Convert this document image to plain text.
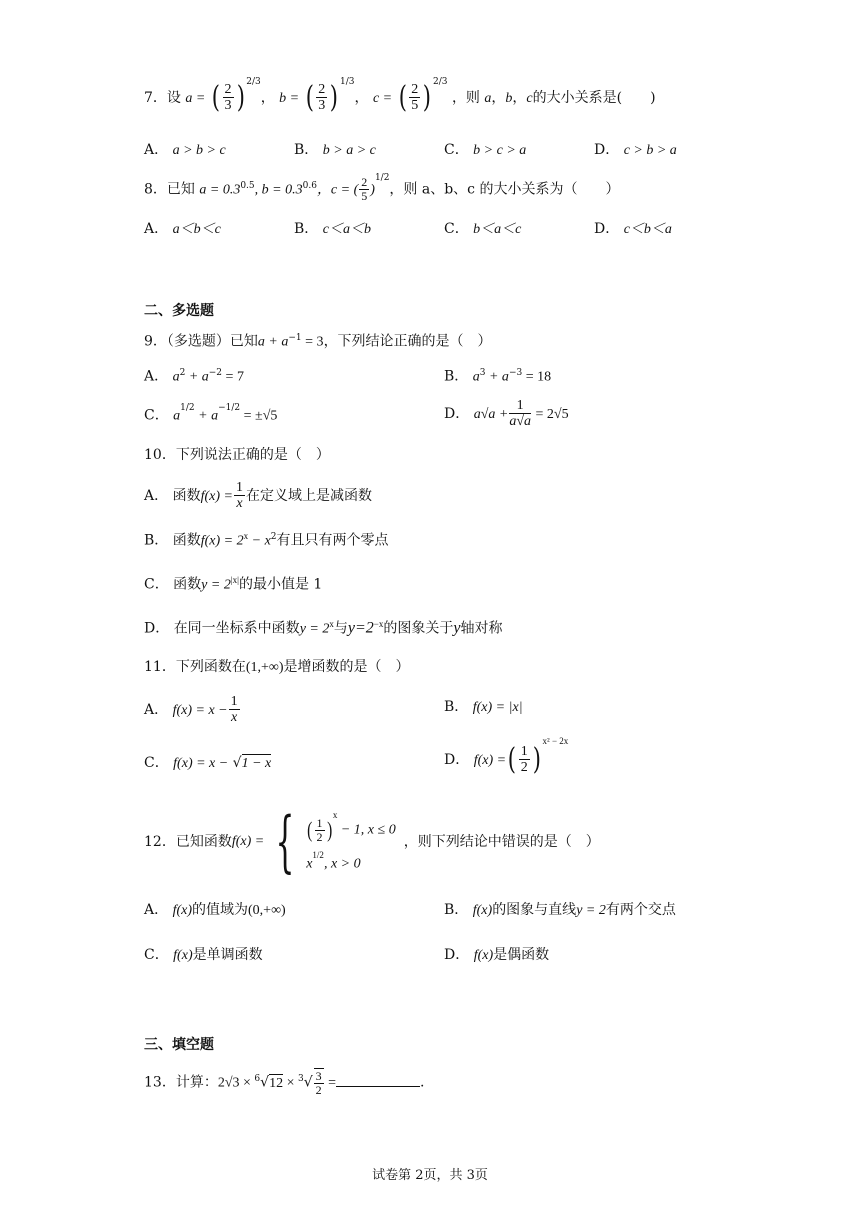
7．设 a = ( $\frac{2}{3}$ ) $^{2/3}$， b = ( $\frac{2}{3}$ ) $^{1/3}$， c = ( $\frac{2}{5}$ ) $^{2/3}$ ，则 a，b，c的大小关系是(　　)
A． a > b > c	B． b > a > c	C． b > c > a	D． c > b > a
8．已知 $a = 0.3^{0.5}$, $b = 0.3^{0.6}$，c = ( $\frac{2}{5} )^{1/2}$，则 a、b、c 的大小关系为（　　）
A． a＜b＜c	B． c＜a＜b	C． b＜a＜c	D． c＜b＜a
二、多选题
9．（多选题）已知$a + a^{-1} = 3$，下列结论正确的是（　）
A． $a^2 + a^{-2} = 7$	B． $a^3 + a^{-3} = 18$
C． $a^{1/2} + a^{-1/2} = \pm√5$	D． $a√a + \frac{1}{a√a} = 2√5$
10．下列说法正确的是（　）
A． 函数$f(x) = \frac{1}{x}$ 在定义域上是减函数
B． 函数$f(x) = 2^x - x^2$有且只有两个零点
C． 函数$y = 2^{|x|}$的最小值是 1
D． 在同一坐标系中函数$y = 2^x$与$y=2^{-x}$的图象关于y轴对称
11．下列函数在(1,+∞)是增函数的是（　）
A． $f(x) = x - \frac{1}{x}$	B． f(x) = |x|
C． f(x) = x − √1 − x	D． f(x) =( $\frac{1}{2} )^{x^2 - 2x}$
12．已知函数f(x) = { ( $\frac{1}{2} )^x - 1$, x ≤ 0
$x^{1/2}$, x > 0
，则下列结论中错误的是（　）
A． f(x)的值域为(0,+∞)	B． f(x)的图象与直线y = 2有两个交点
C． f(x)是单调函数	D． f(x)是偶函数
三、填空题
13．计算：$2√3 \times ^6√12 \times ^3√ \frac{3}{2}$ =	.
试卷第 2页，共 3页
